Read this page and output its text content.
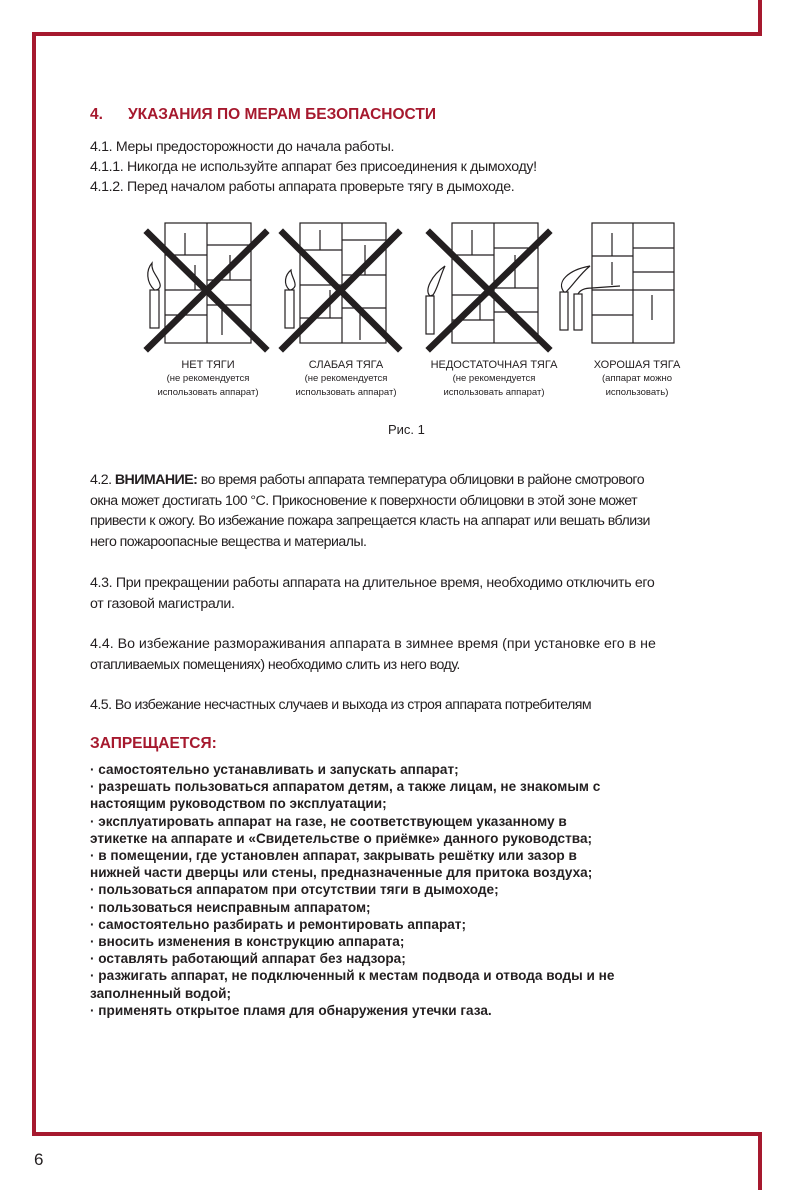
4. УКАЗАНИЯ ПО МЕРАМ БЕЗОПАСНОСТИ
4.1. Меры предосторожности до начала работы.
4.1.1. Никогда не используйте аппарат без присоединения к дымоходу!
4.1.2. Перед началом работы аппарата проверьте тягу в дымоходе.
НЕТ ТЯГИ
(не рекомендуется
использовать аппарат)
СЛАБАЯ ТЯГА
(не рекомендуется
использовать аппарат)
НЕДОСТАТОЧНАЯ ТЯГА
(не рекомендуется
использовать аппарат)
ХОРОШАЯ ТЯГА
(аппарат можно
использовать)
Рис. 1
4.2. ВНИМАНИЕ: во время работы аппарата температура облицовки в районе смотрового
окна может достигать 100 °С. Прикосновение к поверхности облицовки в этой зоне может
привести к ожогу. Во избежание пожара запрещается класть на аппарат или вешать вблизи
него пожароопасные вещества и материалы.
4.3. При прекращении работы аппарата на длительное время, необходимо отключить его
от газовой магистрали.
4.4. Во избежание размораживания аппарата в зимнее время (при установке его в не
отапливаемых помещениях) необходимо слить из него воду.
4.5. Во избежание несчастных случаев и выхода из строя аппарата потребителям
ЗАПРЕЩАЕТСЯ:
· самостоятельно устанавливать и запускать аппарат;
· разрешать пользоваться аппаратом детям, а также лицам, не знакомым с
настоящим руководством по эксплуатации;
· эксплуатировать аппарат на газе, не соответствующем указанному в
этикетке на аппарате и «Свидетельстве о приёмке» данного руководства;
· в помещении, где установлен аппарат, закрывать решётку или зазор в
нижней части дверцы или стены, предназначенные для притока воздуха;
· пользоваться аппаратом при отсутствии тяги в дымоходе;
· пользоваться неисправным аппаратом;
· самостоятельно разбирать и ремонтировать аппарат;
· вносить изменения в конструкцию аппарата;
· оставлять работающий аппарат без надзора;
· разжигать аппарат, не подключенный к местам подвода и отвода воды и не
заполненный водой;
· применять открытое пламя для обнаружения утечки газа.
6
